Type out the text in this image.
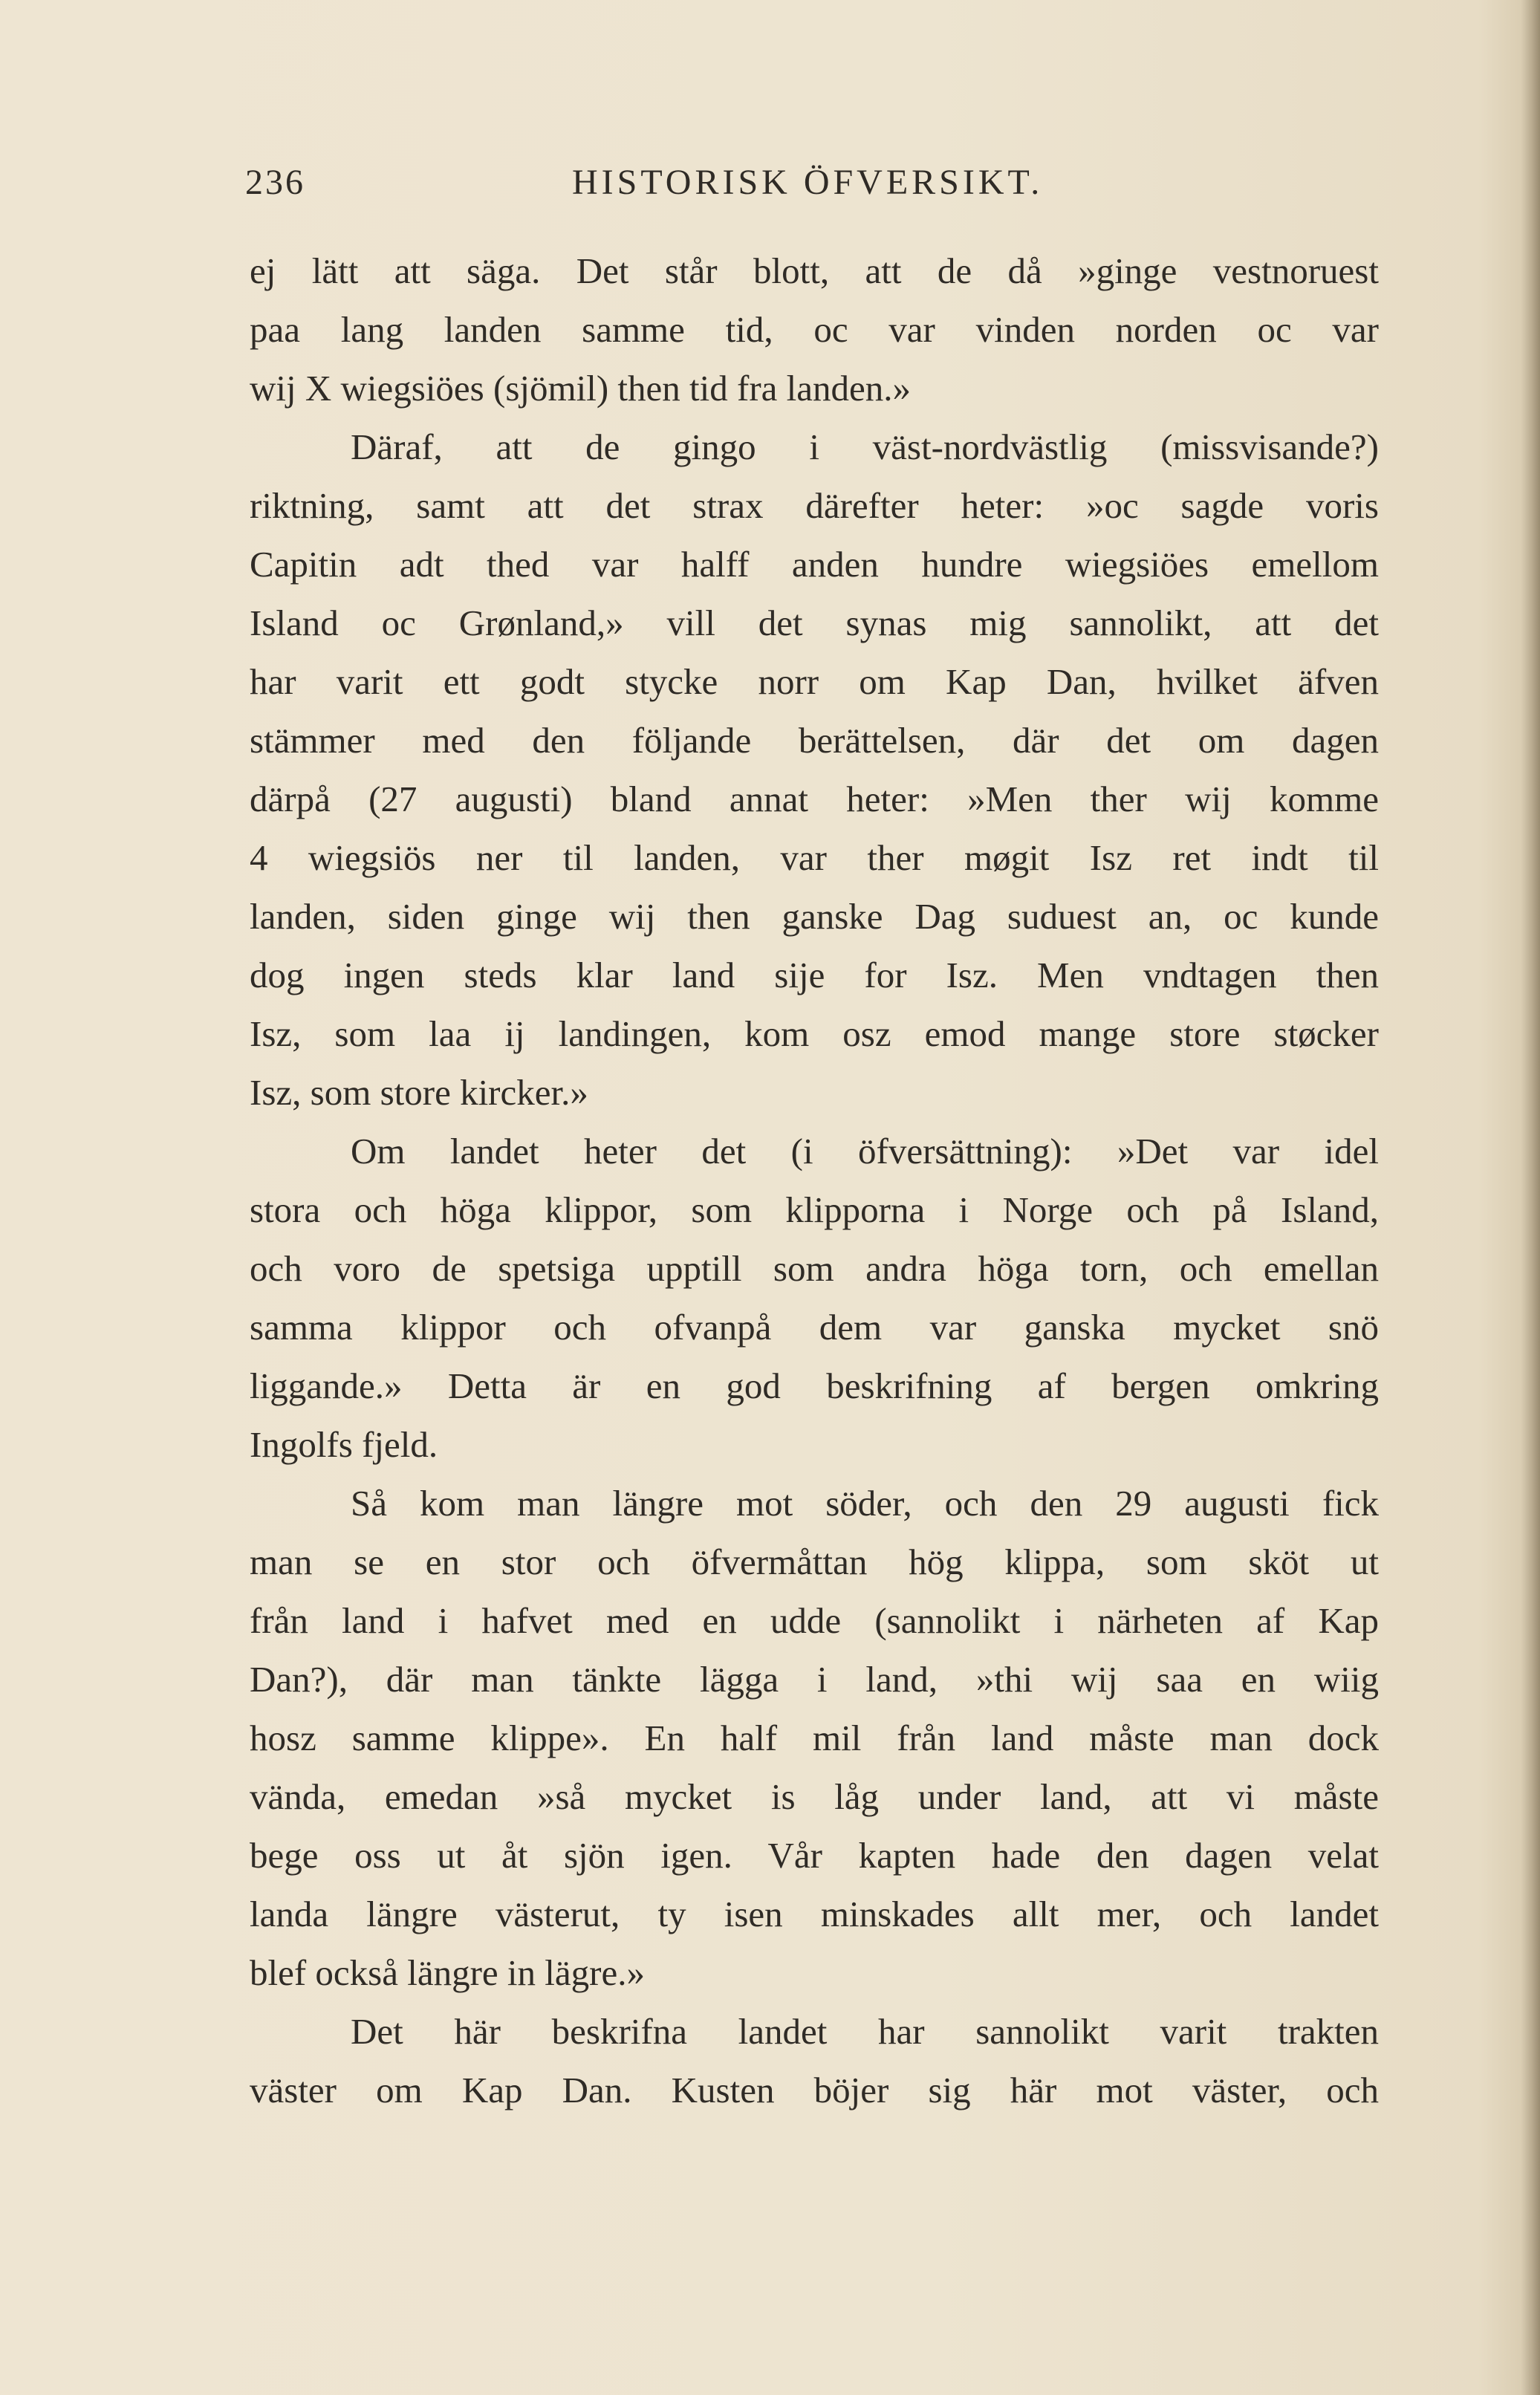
236	HISTORISK ÖFVERSIKT.
ej lätt att säga. Det står blott, att de då »ginge vestnoruest
paa lang landen samme tid, oc var vinden norden oc var
wij X wiegsiöes (sjömil) then tid fra landen.»
Däraf, att de gingo i väst-nordvästlig (missvisande?)
riktning, samt att det strax därefter heter: »oc sagde voris
Capitin adt thed var halff anden hundre wiegsiöes emellom
Island oc Grønland,» vill det synas mig sannolikt, att det
har varit ett godt stycke norr om Kap Dan, hvilket äfven
stämmer med den följande berättelsen, där det om dagen
därpå (27 augusti) bland annat heter: »Men ther wij komme
4 wiegsiös ner til landen, var ther møgit Isz ret indt til
landen, siden ginge wij then ganske Dag suduest an, oc kunde
dog ingen steds klar land sije for Isz. Men vndtagen then
Isz, som laa ij landingen, kom osz emod mange store støcker
Isz, som store kircker.»
Om landet heter det (i öfversättning): »Det var idel
stora och höga klippor, som klipporna i Norge och på Island,
och voro de spetsiga upptill som andra höga torn, och emellan
samma klippor och ofvanpå dem var ganska mycket snö
liggande.» Detta är en god beskrifning af bergen omkring
Ingolfs fjeld.
Så kom man längre mot söder, och den 29 augusti fick
man se en stor och öfvermåttan hög klippa, som sköt ut
från land i hafvet med en udde (sannolikt i närheten af Kap
Dan?), där man tänkte lägga i land, »thi wij saa en wiig
hosz samme klippe». En half mil från land måste man dock
vända, emedan »så mycket is låg under land, att vi måste
bege oss ut åt sjön igen. Vår kapten hade den dagen velat
landa längre västerut, ty isen minskades allt mer, och landet
blef också längre in lägre.»
Det här beskrifna landet har sannolikt varit trakten
väster om Kap Dan. Kusten böjer sig här mot väster, och
